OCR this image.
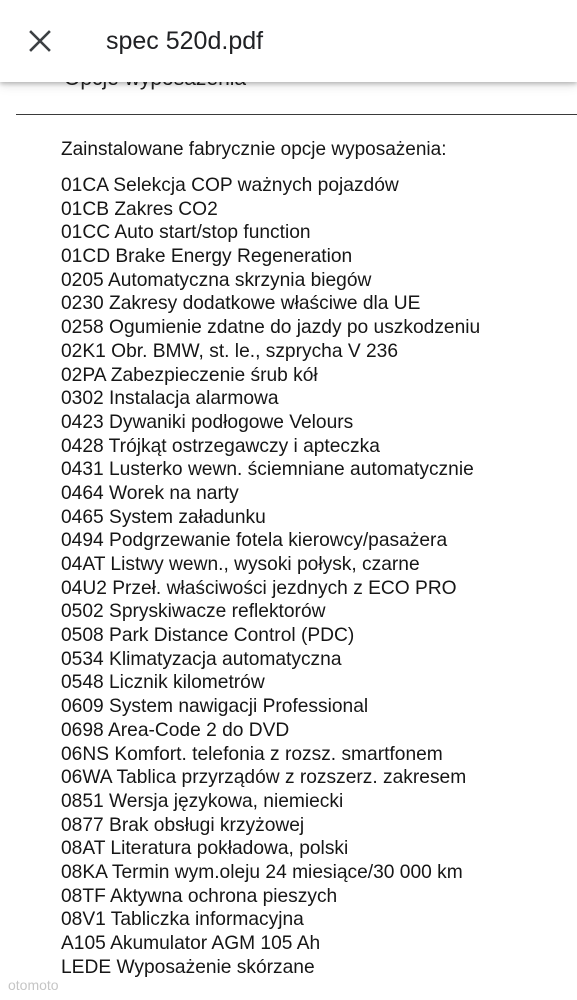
Zainstalowane fabrycznie opcje wyposażenia:
01CA Selekcja COP ważnych pojazdów
01CB Zakres CO2
01CC Auto start/stop function
01CD Brake Energy Regeneration
0205 Automatyczna skrzynia biegów
0230 Zakresy dodatkowe właściwe dla UE
0258 Ogumienie zdatne do jazdy po uszkodzeniu
02K1 Obr. BMW, st. le., szprycha V 236
02PA Zabezpieczenie śrub kół
0302 Instalacja alarmowa
0423 Dywaniki podłogowe Velours
0428 Trójkąt ostrzegawczy i apteczka
0431 Lusterko wewn. ściemniane automatycznie
0464 Worek na narty
0465 System załadunku
0494 Podgrzewanie fotela kierowcy/pasażera
04AT Listwy wewn., wysoki połysk, czarne
04U2 Przeł. właściwości jezdnych z ECO PRO
0502 Spryskiwacze reflektorów
0508 Park Distance Control (PDC)
0534 Klimatyzacja automatyczna
0548 Licznik kilometrów
0609 System nawigacji Professional
0698 Area-Code 2 do DVD
06NS Komfort. telefonia z rozsz. smartfonem
06WA Tablica przyrządów z rozszerz. zakresem
0851 Wersja językowa, niemiecki
0877 Brak obsługi krzyżowej
08AT Literatura pokładowa, polski
08KA Termin wym.oleju 24 miesiące/30 000 km
08TF Aktywna ochrona pieszych
08V1 Tabliczka informacyjna
A105 Akumulator AGM 105 Ah
LEDE Wyposażenie skórzane
otomoto
spec 520d.pdf
